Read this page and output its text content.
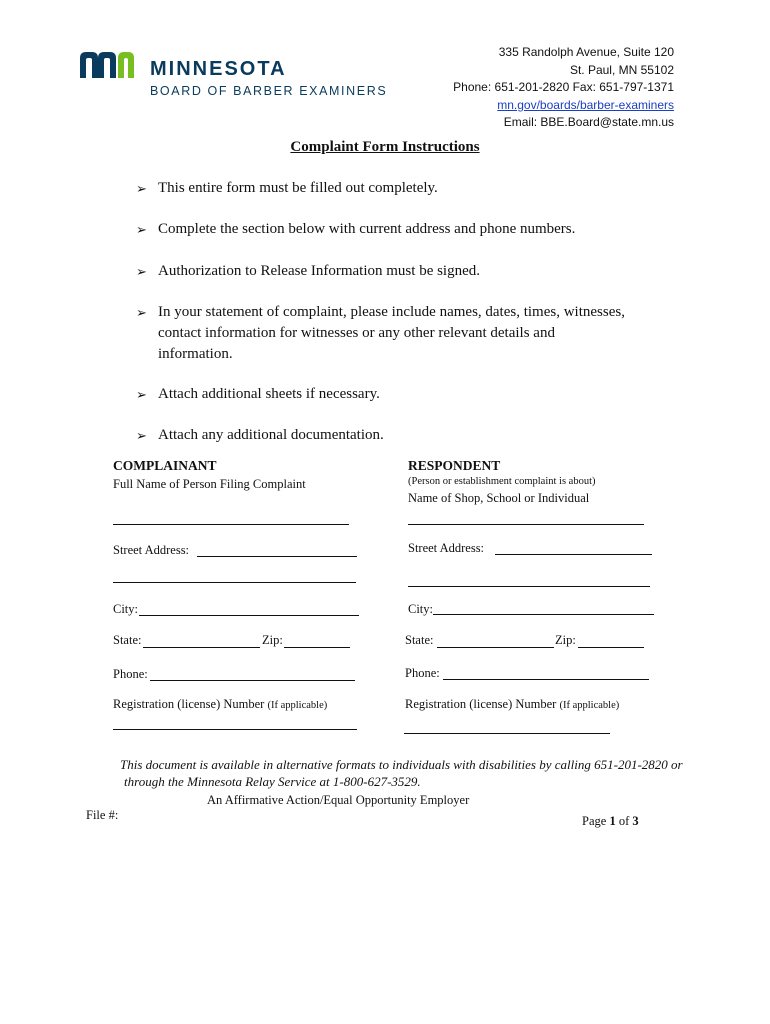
MINNESOTA
BOARD OF BARBER EXAMINERS
335 Randolph Avenue, Suite 120
St. Paul, MN 55102
Phone: 651-201-2820 Fax: 651-797-1371
mn.gov/boards/barber-examiners
Email: BBE.Board@state.mn.us
Complaint Form Instructions
➢ This entire form must be filled out completely.
➢ Complete the section below with current address and phone numbers.
➢ Authorization to Release Information must be signed.
➢ In your statement of complaint, please include names, dates, times, witnesses, contact information for witnesses or any other relevant details and information.
➢ Attach additional sheets if necessary.
➢ Attach any additional documentation.
COMPLAINANT
Full Name of Person Filing Complaint
Street Address:
City:
State:	Zip:
Phone:
Registration (license) Number (If applicable)
RESPONDENT
(Person or establishment complaint is about)
Name of Shop, School or Individual
Street Address:
City:
State:	Zip:
Phone:
Registration (license) Number (If applicable)
This document is available in alternative formats to individuals with disabilities by calling 651-201-2820 or
through the Minnesota Relay Service at 1-800-627-3529.
An Affirmative Action/Equal Opportunity Employer
File #:	Page 1 of 3
